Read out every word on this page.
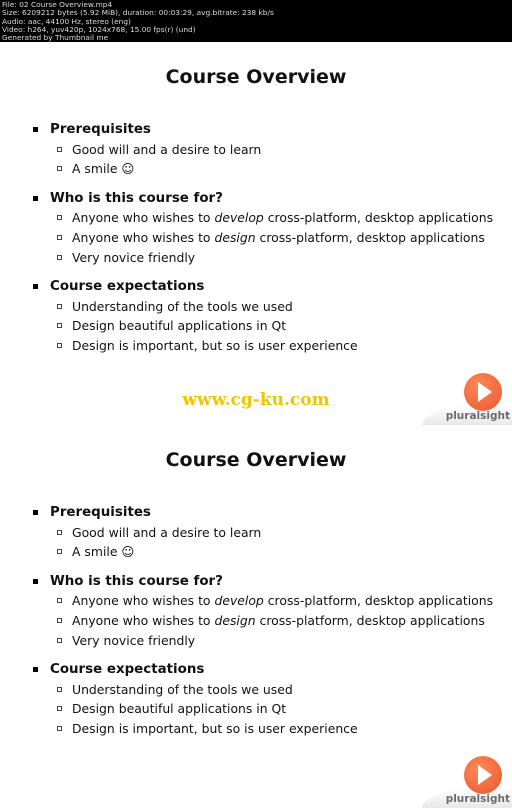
File: 02 Course Overview.mp4
Size: 6209212 bytes (5.92 MiB), duration: 00:03:29, avg.bitrate: 238 kb/s
Audio: aac, 44100 Hz, stereo (eng)
Video: h264, yuv420p, 1024x768, 15.00 fps(r) (und)
Generated by Thumbnail me
Course Overview
Prerequisites
Good will and a desire to learn
A smile ☺
Who is this course for?
Anyone who wishes to develop cross-platform, desktop applications
Anyone who wishes to design cross-platform, desktop applications
Very novice friendly
Course expectations
Understanding of the tools we used
Design beautiful applications in Qt
Design is important, but so is user experience
www.cg-ku.com
pluralsight
Course Overview
Prerequisites
Good will and a desire to learn
A smile ☺
Who is this course for?
Anyone who wishes to develop cross-platform, desktop applications
Anyone who wishes to design cross-platform, desktop applications
Very novice friendly
Course expectations
Understanding of the tools we used
Design beautiful applications in Qt
Design is important, but so is user experience
pluralsight
